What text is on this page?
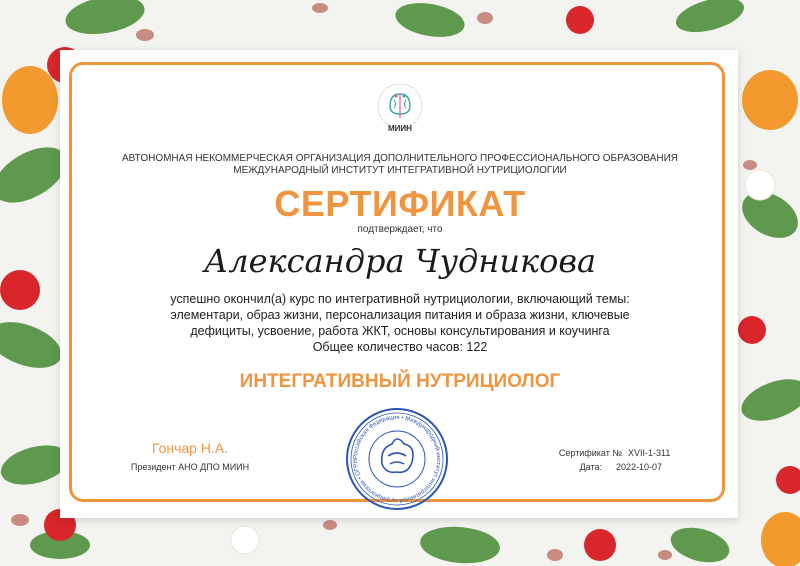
МИИН
АВТОНОМНАЯ НЕКОММЕРЧЕСКАЯ ОРГАНИЗАЦИЯ ДОПОЛНИТЕЛЬНОГО ПРОФЕССИОНАЛЬНОГО ОБРАЗОВАНИЯ
МЕЖДУНАРОДНЫЙ ИНСТИТУТ ИНТЕГРАТИВНОЙ НУТРИЦИОЛОГИИ
СЕРТИФИКАТ
подтверждает, что
Александра Чудникова
успешно окончил(а) курс по интегративной нутрициологии, включающий темы:
элементари, образ жизни, персонализация питания и образа жизни, ключевые
дефициты, усвоение, работа ЖКТ, основы консультирования и коучинга
Общее количество часов: 122
ИНТЕГРАТИВНЫЙ НУТРИЦИОЛОГ
Гончар Н.А.
Президент АНО ДПО МИИН
Российская Федерация • Международный институт интегративной нутрициологии • ОГРН
Сертификат № XVII-1-311
Дата: 2022-10-07
